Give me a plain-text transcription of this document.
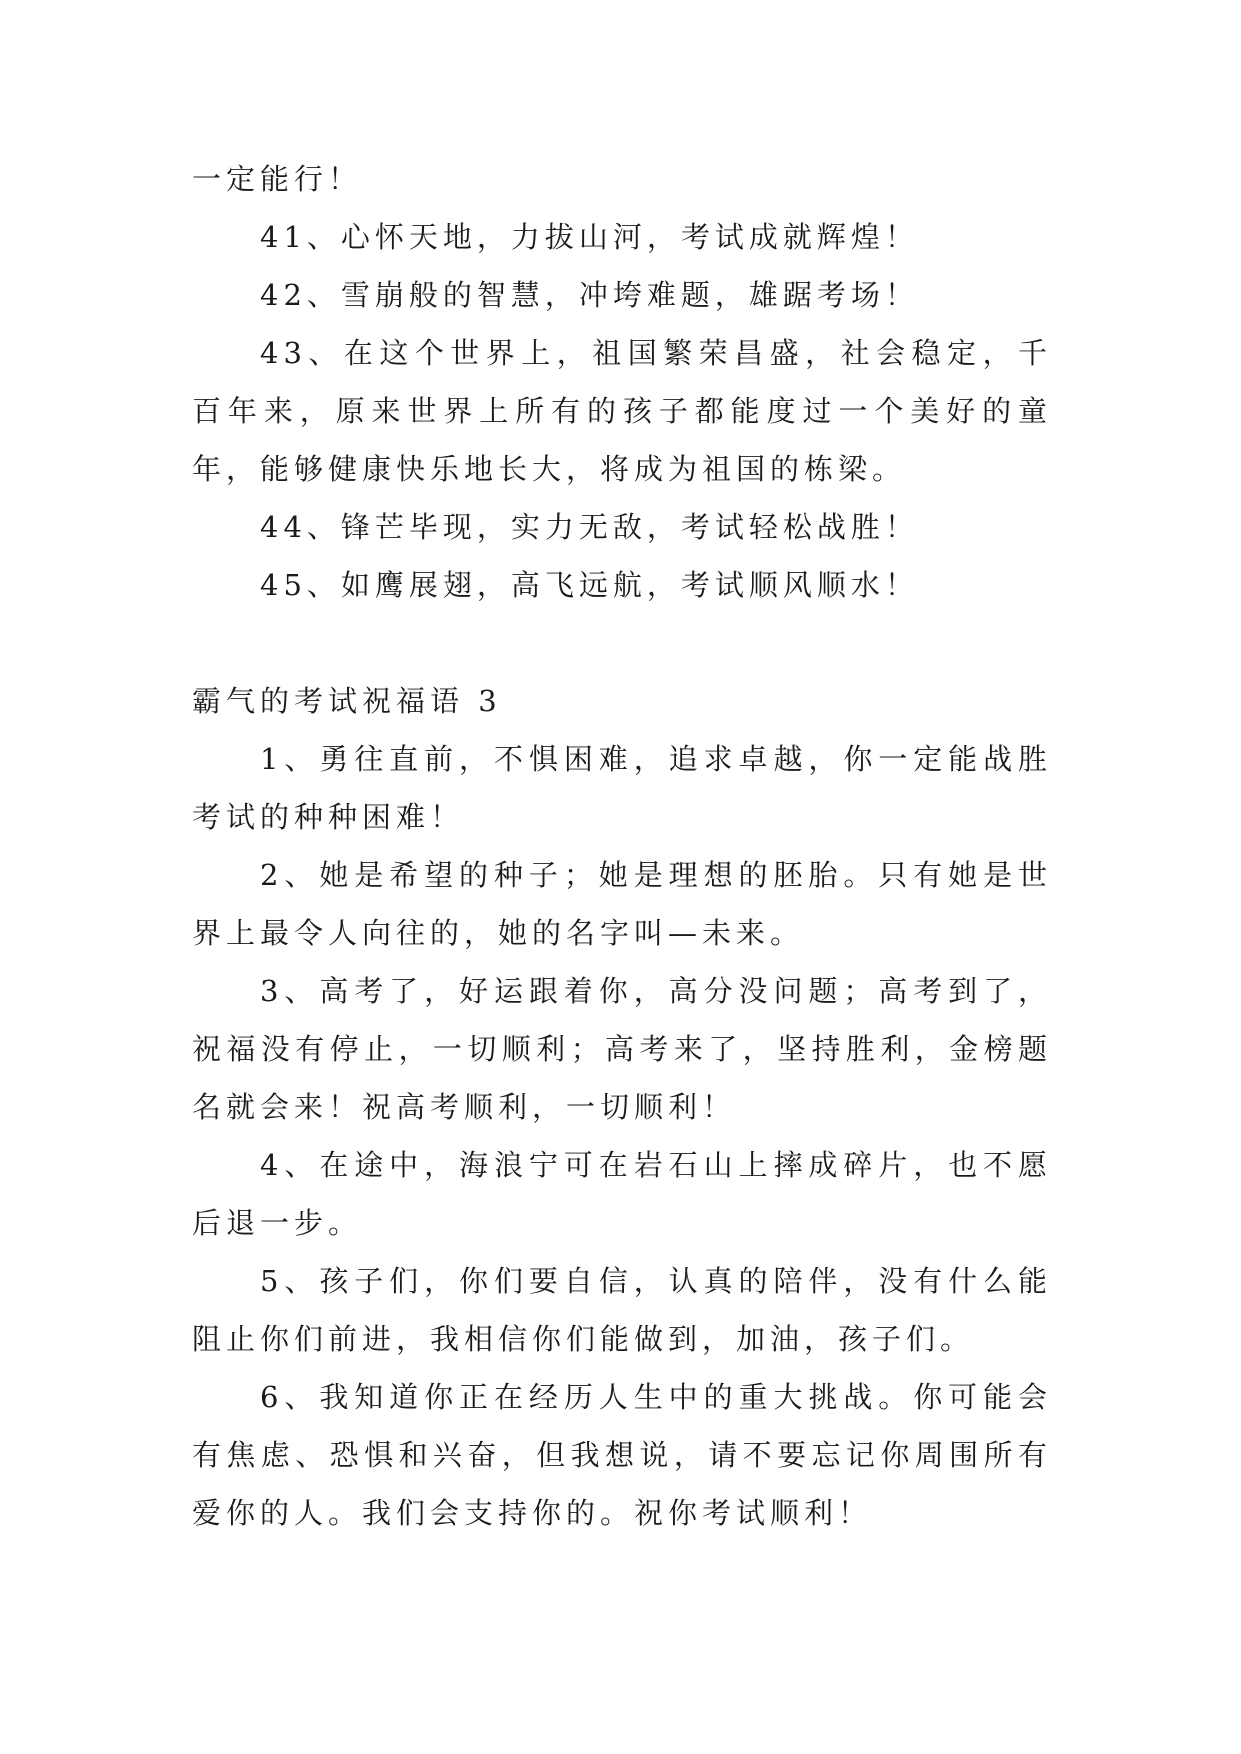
一定能行！

41、心怀天地，力拔山河，考试成就辉煌！

42、雪崩般的智慧，冲垮难题，雄踞考场！

43、在这个世界上，祖国繁荣昌盛，社会稳定，千百年来，原来世界上所有的孩子都能度过一个美好的童年，能够健康快乐地长大，将成为祖国的栋梁。

44、锋芒毕现，实力无敌，考试轻松战胜！

45、如鹰展翅，高飞远航，考试顺风顺水！

霸气的考试祝福语 3

1、勇往直前，不惧困难，追求卓越，你一定能战胜考试的种种困难！

2、她是希望的种子；她是理想的胚胎。只有她是世界上最令人向往的，她的名字叫—未来。

3、高考了，好运跟着你，高分没问题；高考到了，祝福没有停止，一切顺利；高考来了，坚持胜利，金榜题名就会来！祝高考顺利，一切顺利！

4、在途中，海浪宁可在岩石山上摔成碎片，也不愿后退一步。

5、孩子们，你们要自信，认真的陪伴，没有什么能阻止你们前进，我相信你们能做到，加油，孩子们。

6、我知道你正在经历人生中的重大挑战。你可能会有焦虑、恐惧和兴奋，但我想说，请不要忘记你周围所有爱你的人。我们会支持你的。祝你考试顺利！
